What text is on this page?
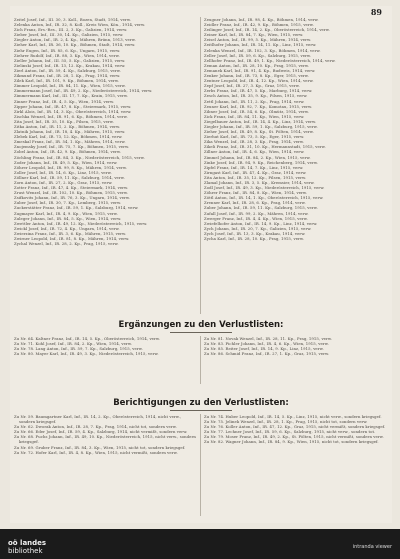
89
Zeitel Josef, Inf., III. 30, 3. Koll., Bozen, Stadt, 1914, verw.
Zelenka Anton, Inf., IR. 32, 8. Koll., Kreis Wien, Kön., 1914, verw.
Zich Franz, Ers.-Res., III. 2, 3. Kp., Galizien, 1914, verw.
Zieber Josef, Inf., III. 30, 14. Kp., Galizien, 1915, verw.
Ziegler Anton, Inf., IR. 2, 4. Kp., Mähren, Brünn, 1913, verw.
Zieher Karl, Inf., IR. 36, 10. Kp., Böhmen, Stadt, 1914, verw.
Ziehr Eugen, Inf., IR. 85, 6. Kp., Ungarn, 1915, verw.
Ziehrer Rudolf, Inf., IR. 88, 3. Kp., Wien, 1914, verw.
Zieller Johann, Inf., III. 55, 5. Kp., Galizien, 1915, verw.
Zielinski Josef, Inf., IR. 13, 12. Kp., Krakau, 1914, verw.
Zierl Anton, Inf., IR. 59, 4. Kp., Salzburg, 1915, verw.
Zikmund Franz, Inf., IR. 28, 1. Kp., Prag, 1914, verw.
Zilek Karl, Inf., IR. 101, 9. Kp., Böhmen, 1914, verw.
Zimmer Leopold, Inf., IR. 84, 11. Kp., Wien, 1915, verw.
Zimmermann Josef, Inf., IR. 49, 2. Kp., Niederösterreich, 1914, verw.
Zimmermann Karl, Inf., III. 17, 7. Kp., Krain, 1915, verw.
Zinner Franz, Inf., IR. 4, 5. Kp., Wien, 1914, verw.
Zipper Johann, Inf., IR. 47, 8. Kp., Steiermark, 1915, verw.
Zirkl Alois, Inf., IR. 14, 3. Kp., Oberösterreich, 1914, verw.
Zischka Wenzel, Inf., IR. 91, 6. Kp., Böhmen, 1914, verw.
Zita Josef, Inf., IR. 35, 10. Kp., Pilsen, 1915, verw.
Zitka Anton, Inf., IR. 11, 2. Kp., Böhmen, 1914, verw.
Zlatnik Johann, Inf., IR. 18, 4. Kp., Mähren, 1915, verw.
Zlebek Karl, Inf., IR. 73, 12. Kp., Böhmen, 1914, verw.
Zmeskal Franz, Inf., IR. 54, 1. Kp., Mähren, 1914, verw.
Znojemsky Josef, Inf., IR. 75, 7. Kp., Böhmen, 1915, verw.
Zobel Anton, Inf., IR. 42, 9. Kp., Böhmen, 1914, verw.
Zöchling Franz, Inf., IR. 84, 3. Kp., Niederösterreich, 1915, verw.
Zoder Johann, Inf., IR. 49, 5. Kp., Wien, 1914, verw.
Zöhrer Leopold, Inf., IR. 99, 8. Kp., Mähren, 1914, verw.
Zoller Josef, Inf., IR. 14, 6. Kp., Linz, 1915, verw.
Zöllner Karl, Inf., IR. 59, 11. Kp., Salzburg, 1914, verw.
Zorn Anton, Inf., IR. 27, 2. Kp., Graz, 1915, verw.
Zotter Franz, Inf., IR. 47, 4. Kp., Steiermark, 1914, verw.
Zrust Wenzel, Inf., IR. 102, 10. Kp., Böhmen, 1915, verw.
Zsifkovits Johann, Inf., IR. 76, 3. Kp., Ungarn, 1914, verw.
Zuber Josef, Inf., IR. 30, 7. Kp., Lemberg, 1915, verw.
Zuckerstätter Franz, Inf., IR. 59, 1. Kp., Salzburg, 1914, verw.
Zugmayer Karl, Inf., IR. 4, 9. Kp., Wien, 1915, verw.
Zuleger Johann, Inf., IR. 84, 5. Kp., Wien, 1914, verw.
Zwettler Anton, Inf., IR. 49, 12. Kp., Niederösterreich, 1915, verw.
Zwickl Josef, Inf., IR. 72, 4. Kp., Ungarn, 1914, verw.
Zwierzina Franz, Inf., IR. 3, 6. Kp., Mähren, 1915, verw.
Zwirner Leopold, Inf., IR. 81, 8. Kp., Mähren, 1914, verw.
Zychal Wenzel, Inf., IR. 28, 2. Kp., Prag, 1915, verw.
Zeugner Johann, Inf., IR. 98, 4. Kp., Böhmen, 1914, verw.
Zeidler Franz, Inf., IR. 42, 9. Kp., Böhmen, 1915, verw.
Zeilinger Josef, Inf., IR. 14, 2. Kp., Oberösterreich, 1914, verw.
Zeiner Karl, Inf., IR. 84, 7. Kp., Wien, 1915, verw.
Zeisel Anton, Inf., IR. 99, 5. Kp., Mähren, 1914, verw.
Zeitlhofer Johann, Inf., IR. 14, 11. Kp., Linz, 1915, verw.
Zelenka Wenzel, Inf., IR. 102, 3. Kp., Böhmen, 1914, verw.
Zeller Josef, Inf., IR. 59, 6. Kp., Salzburg, 1915, verw.
Zellhofer Franz, Inf., IR. 49, 1. Kp., Niederösterreich, 1914, verw.
Zeman Anton, Inf., IR. 28, 10. Kp., Prag, 1915, verw.
Zemanek Karl, Inf., IR. 91, 4. Kp., Budweis, 1914, verw.
Zenker Johann, Inf., IR. 73, 8. Kp., Eger, 1915, verw.
Zentner Leopold, Inf., IR. 4, 12. Kp., Wien, 1914, verw.
Zepf Josef, Inf., IR. 27, 3. Kp., Graz, 1915, verw.
Zerbs Franz, Inf., IR. 47, 5. Kp., Marburg, 1914, verw.
Zesch Anton, Inf., IR. 35, 9. Kp., Pilsen, 1915, verw.
Zettl Johann, Inf., IR. 11, 2. Kp., Prag, 1914, verw.
Zeuner Karl, Inf., IR. 92, 7. Kp., Komotau, 1915, verw.
Zibner Josef, Inf., IR. 54, 6. Kp., Olmütz, 1914, verw.
Zick Franz, Inf., IR. 84, 11. Kp., Wien, 1915, verw.
Ziegelbauer Anton, Inf., IR. 14, 4. Kp., Linz, 1914, verw.
Ziegler Johann, Inf., IR. 59, 1. Kp., Salzburg, 1915, verw.
Zieher Josef, Inf., IR. 49, 8. Kp., St. Pölten, 1914, verw.
Zierhut Karl, Inf., IR. 73, 5. Kp., Eger, 1915, verw.
Zika Wenzel, Inf., IR. 28, 3. Kp., Prag, 1914, verw.
Zikeli Franz, Inf., IR. 31, 10. Kp., Hermannstadt, 1915, verw.
Zillner Anton, Inf., IR. 4, 6. Kp., Wien, 1914, verw.
Zimmel Johann, Inf., IR. 84, 2. Kp., Wien, 1915, verw.
Zinke Josef, Inf., IR. 94, 9. Kp., Reichenberg, 1914, verw.
Zipfel Franz, Inf., IR. 14, 7. Kp., Linz, 1915, verw.
Zirngast Karl, Inf., IR. 47, 4. Kp., Graz, 1914, verw.
Zita Anton, Inf., IR. 35, 12. Kp., Pilsen, 1915, verw.
Zlamal Johann, Inf., IR. 3, 5. Kp., Kremsier, 1914, verw.
Zodl Josef, Inf., IR. 49, 3. Kp., Niederösterreich, 1915, verw.
Zöhrer Franz, Inf., IR. 84, 8. Kp., Wien, 1914, verw.
Zöttl Anton, Inf., IR. 14, 1. Kp., Oberösterreich, 1915, verw.
Zrenner Karl, Inf., IR. 28, 6. Kp., Prag, 1914, verw.
Zuber Johann, Inf., IR. 59, 11. Kp., Salzburg, 1915, verw.
Zufall Josef, Inf., IR. 99, 2. Kp., Mähren, 1914, verw.
Zwerger Franz, Inf., IR. 4, 4. Kp., Wien, 1915, verw.
Zwiefelhofer Anton, Inf., IR. 14, 9. Kp., Linz, 1914, verw.
Zych Johann, Inf., IR. 20, 7. Kp., Galizien, 1915, verw.
Zych Josef, Inf., IR. 13, 3. Kp., Krakau, 1914, verw.
Zycha Karl, Inf., IR. 28, 10. Kp., Prag, 1915, verw.
Ergänzungen zu den Verlustlisten:
Zu Nr. 64. Kaltner Franz, Inf., IR. 14, 5. Kp., Oberösterreich, 1914, verw.
Zu Nr. 71. Kohl Josef, Inf., IR. 84, 2. Kp., Wien, 1914, verw.
Zu Nr. 78. Lang Anton, Inf., IR. 59, 7. Kp., Salzburg, 1915, verw.
Zu Nr. 80. Mayer Karl, Inf., IR. 49, 3. Kp., Niederösterreich, 1915, verw.
Zu Nr. 81. Novak Wenzel, Inf., IR. 28, 11. Kp., Prag, 1915, verw.
Zu Nr. 83. Pichler Johann, Inf., IR. 4, 6. Kp., Wien, 1915, verw.
Zu Nr. 85. Reiter Josef, Inf., IR. 14, 9. Kp., Linz, 1915, verw.
Zu Nr. 86. Schmid Franz, Inf., IR. 27, 1. Kp., Graz, 1915, verw.
Berichtigungen zu den Verlustlisten:
Zu Nr. 59. Baumgartner Karl, Inf., IR. 14, 2. Kp., Oberösterreich, 1914, nicht verw., sondern kriegsgef.
Zu Nr. 62. Dworak Anton, Inf., IR. 28, 7. Kp., Prag, 1914, nicht tot, sondern verw.
Zu Nr. 66. Eder Josef, Inf., IR. 59, 4. Kp., Salzburg, 1914, nicht vermißt, sondern verw.
Zu Nr. 68. Fuchs Johann, Inf., IR. 49, 10. Kp., Niederösterreich, 1915, nicht verw., sondern kriegsgef.
Zu Nr. 69. Gruber Franz, Inf., IR. 84, 3. Kp., Wien, 1915, nicht tot, sondern kriegsgef.
Zu Nr. 72. Hofer Karl, Inf., IR. 4, 8. Kp., Wien, 1915, nicht vermißt, sondern verw.
Zu Nr. 74. Huber Leopold, Inf., IR. 14, 5. Kp., Linz, 1915, nicht verw., sondern kriegsgef.
Zu Nr. 75. Jelinek Wenzel, Inf., IR. 28, 1. Kp., Prag, 1915, nicht tot, sondern verw.
Zu Nr. 76. Koller Anton, Inf., IR. 47, 12. Kp., Graz, 1915, nicht vermißt, sondern kriegsgef.
Zu Nr. 77. Lechner Josef, Inf., IR. 59, 6. Kp., Salzburg, 1915, nicht verw., sondern tot.
Zu Nr. 79. Moser Franz, Inf., IR. 49, 2. Kp., St. Pölten, 1915, nicht vermißt, sondern verw.
Zu Nr. 82. Wagner Johann, Inf., IR. 84, 9. Kp., Wien, 1915, nicht tot, sondern kriegsgef.
oö landes
bibliothek	intranda viewer
